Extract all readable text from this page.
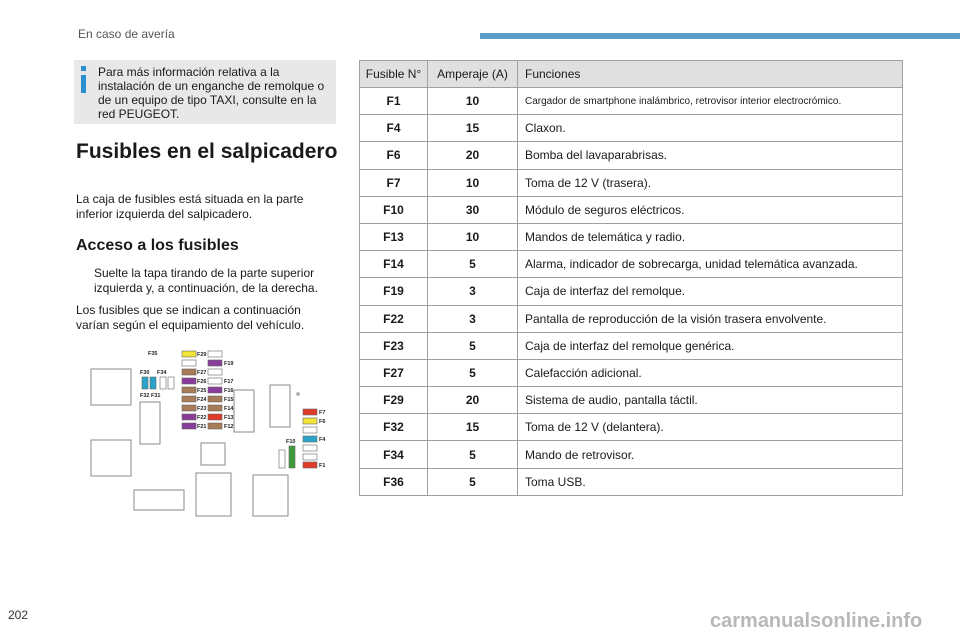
En caso de avería
Para más información relativa a la instalación de un enganche de remolque o de un equipo de tipo TAXI, consulte en la red PEUGEOT.
Fusibles en el salpicadero
La caja de fusibles está situada en la parte inferior izquierda del salpicadero.
Acceso a los fusibles
Suelte la tapa tirando de la parte superior izquierda y, a continuación, de la derecha.
Los fusibles que se indican a continuación varían según el equipamiento del vehículo.
F35	F29
F19
F27
F30 F34
F26	F17
F32 F31
F25	F16
F24	F15
F23	F14
F22	F13
F21	F12
F7
F6
F4
F10
F1
Fusible N°	Amperaje (A)	Funciones
F1	10	Cargador de smartphone inalámbrico, retrovisor interior electrocrómico.
F4	15	Claxon.
F6	20	Bomba del lavaparabrisas.
F7	10	Toma de 12 V (trasera).
F10	30	Módulo de seguros eléctricos.
F13	10	Mandos de telemática y radio.
F14	5	Alarma, indicador de sobrecarga, unidad telemática avanzada.
F19	3	Caja de interfaz del remolque.
F22	3	Pantalla de reproducción de la visión trasera envolvente.
F23	5	Caja de interfaz del remolque genérica.
F27	5	Calefacción adicional.
F29	20	Sistema de audio, pantalla táctil.
F32	15	Toma de 12 V (delantera).
F34	5	Mando de retrovisor.
F36	5	Toma USB.
202	carmanualsonline.info
